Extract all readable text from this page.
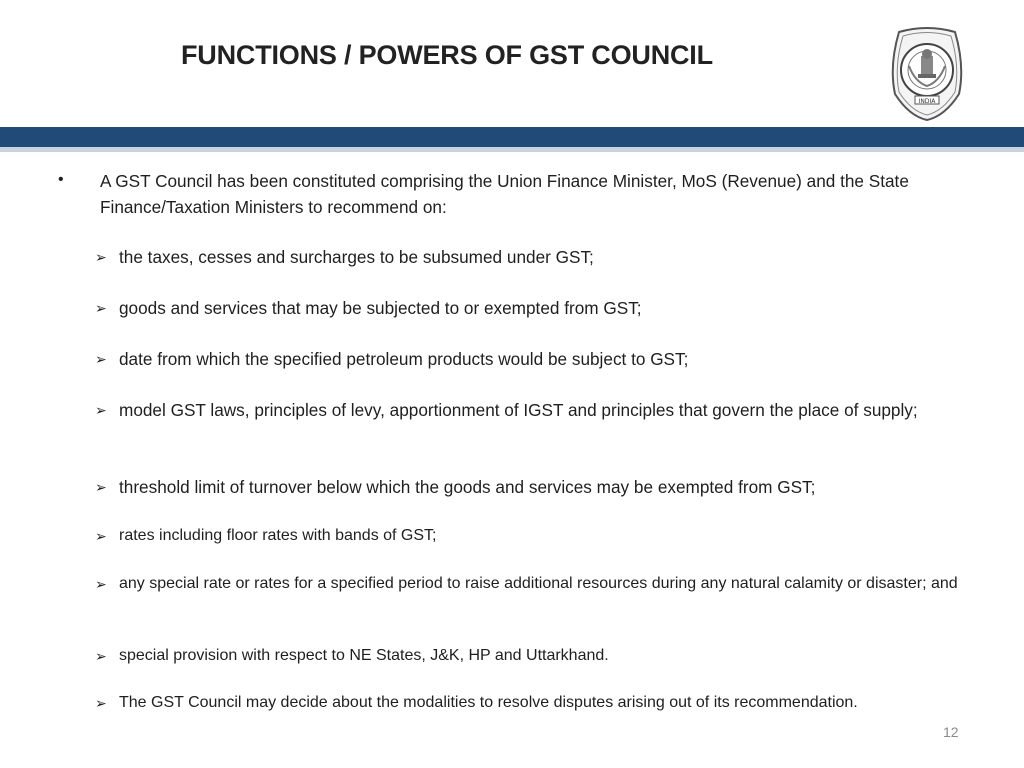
FUNCTIONS / POWERS OF GST COUNCIL
INDIA
• A GST Council has been constituted comprising the Union Finance Minister, MoS (Revenue) and the State Finance/Taxation Ministers to recommend on:
➢ the taxes, cesses and surcharges to be subsumed under GST;
➢ goods and services that may be subjected to or exempted from GST;
➢ date from which the specified petroleum products would be subject to GST;
➢ model GST laws, principles of levy, apportionment of IGST and principles that govern the place of supply;
➢ threshold limit of turnover below which the goods and services may be exempted from GST;
➢ rates including floor rates with bands of GST;
➢ any special rate or rates for a specified period to raise additional resources during any natural calamity or disaster; and
➢ special provision with respect to NE States, J&K, HP and Uttarkhand.
➢ The GST Council may decide about the modalities to resolve disputes arising out of its recommendation.
12
